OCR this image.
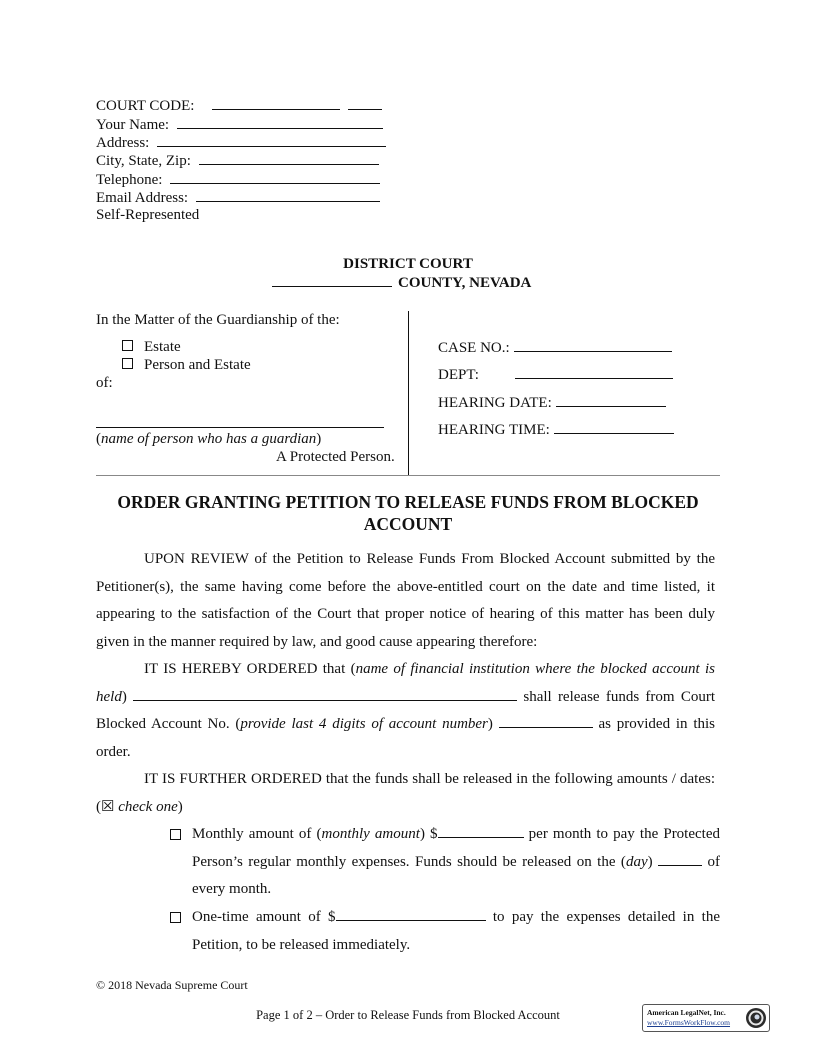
COURT CODE:
Your Name:
Address:
City, State, Zip:
Telephone:
Email Address:
Self-Represented
DISTRICT COURT
COUNTY, NEVADA
In the Matter of the Guardianship of the:
Estate
Person and Estate
of:
(name of person who has a guardian)
A Protected Person.
CASE NO.:
DEPT:
HEARING DATE:
HEARING TIME:
ORDER GRANTING PETITION TO RELEASE FUNDS FROM BLOCKED
ACCOUNT
UPON REVIEW of the Petition to Release Funds From Blocked Account submitted by the Petitioner(s), the same having come before the above-entitled court on the date and time listed, it appearing to the satisfaction of the Court that proper notice of hearing of this matter has been duly given in the manner required by law, and good cause appearing therefore:
IT IS HEREBY ORDERED that (name of financial institution where the blocked account is held)	shall release funds from Court Blocked Account No. (provide last 4 digits of account number)	as provided in this order.
IT IS FURTHER ORDERED that the funds shall be released in the following amounts / dates: (☒ check one)
Monthly amount of (monthly amount) $	per month to pay the Protected Person’s regular monthly expenses. Funds should be released on the (day)	of every month.
One-time amount of $	to pay the expenses detailed in the Petition, to be released immediately.
© 2018 Nevada Supreme Court
Page 1 of 2 – Order to Release Funds from Blocked Account	American LegalNet, Inc.
www.FormsWorkFlow.com
